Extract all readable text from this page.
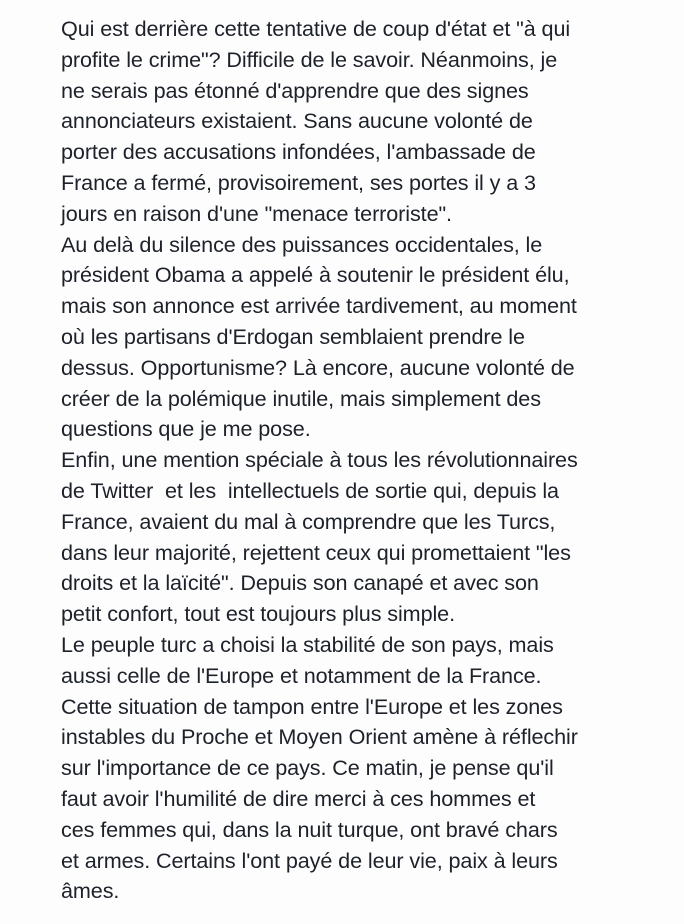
Qui est derrière cette tentative de coup d'état et "à qui
profite le crime"? Difficile de le savoir. Néanmoins, je
ne serais pas étonné d'apprendre que des signes
annonciateurs existaient. Sans aucune volonté de
porter des accusations infondées, l'ambassade de
France a fermé, provisoirement, ses portes il y a 3
jours en raison d'une "menace terroriste".
Au delà du silence des puissances occidentales, le
président Obama a appelé à soutenir le président élu,
mais son annonce est arrivée tardivement, au moment
où les partisans d'Erdogan semblaient prendre le
dessus. Opportunisme? Là encore, aucune volonté de
créer de la polémique inutile, mais simplement des
questions que je me pose.
Enfin, une mention spéciale à tous les révolutionnaires
de Twitter  et les  intellectuels de sortie qui, depuis la
France, avaient du mal à comprendre que les Turcs,
dans leur majorité, rejettent ceux qui promettaient "les
droits et la laïcité". Depuis son canapé et avec son
petit confort, tout est toujours plus simple.
Le peuple turc a choisi la stabilité de son pays, mais
aussi celle de l'Europe et notamment de la France.
Cette situation de tampon entre l'Europe et les zones
instables du Proche et Moyen Orient amène à réflechir
sur l'importance de ce pays. Ce matin, je pense qu'il
faut avoir l'humilité de dire merci à ces hommes et
ces femmes qui, dans la nuit turque, ont bravé chars
et armes. Certains l'ont payé de leur vie, paix à leurs
âmes.
